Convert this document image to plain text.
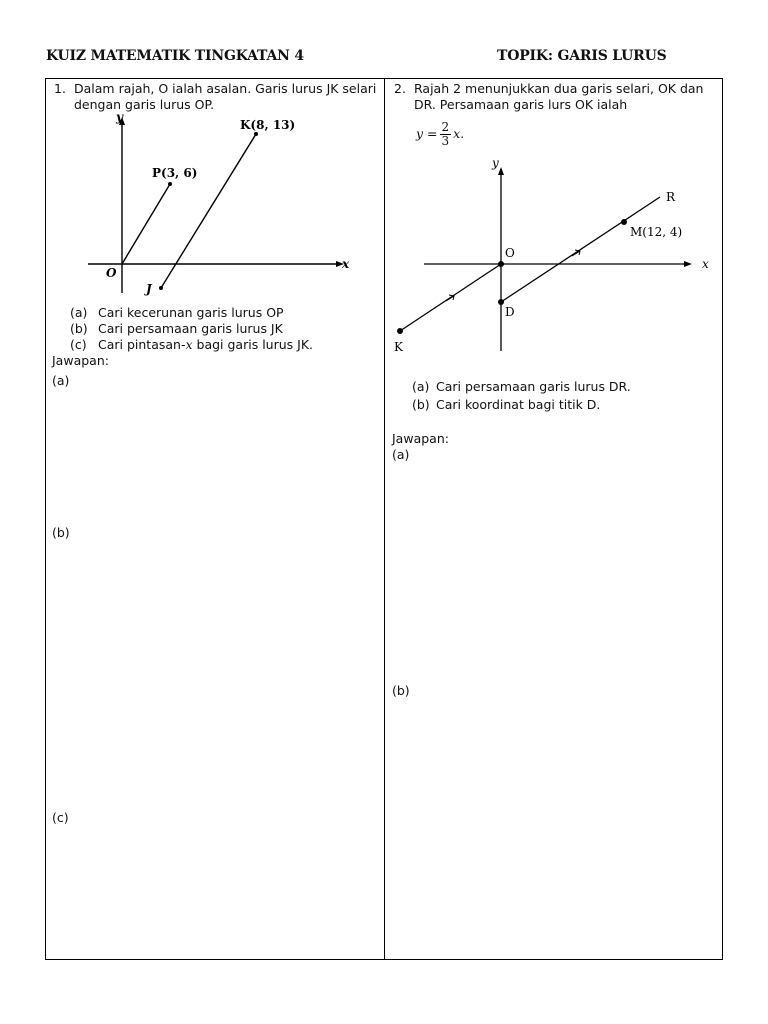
KUIZ MATEMATIK TINGKATAN 4	TOPIK: GARIS LURUS
1. Dalam rajah, O ialah asalan. Garis lurus JK selari dengan garis lurus OP.
y
x
O
K(8, 13)
P(3, 6)
J
(a) Cari kecerunan garis lurus OP
(b) Cari persamaan garis lurus JK
(c) Cari pintasan-x bagi garis lurus JK.
Jawapan:
(a)
(b)
(c)
2. Rajah 2 menunjukkan dua garis selari, OK dan DR. Persamaan garis lurs OK ialah
$y = \frac{2}{3} x$.
y
x
O
R
M(12, 4)
D
K
(a) Cari persamaan garis lurus DR.
(b) Cari koordinat bagi titik D.
Jawapan:
(a)
(b)
